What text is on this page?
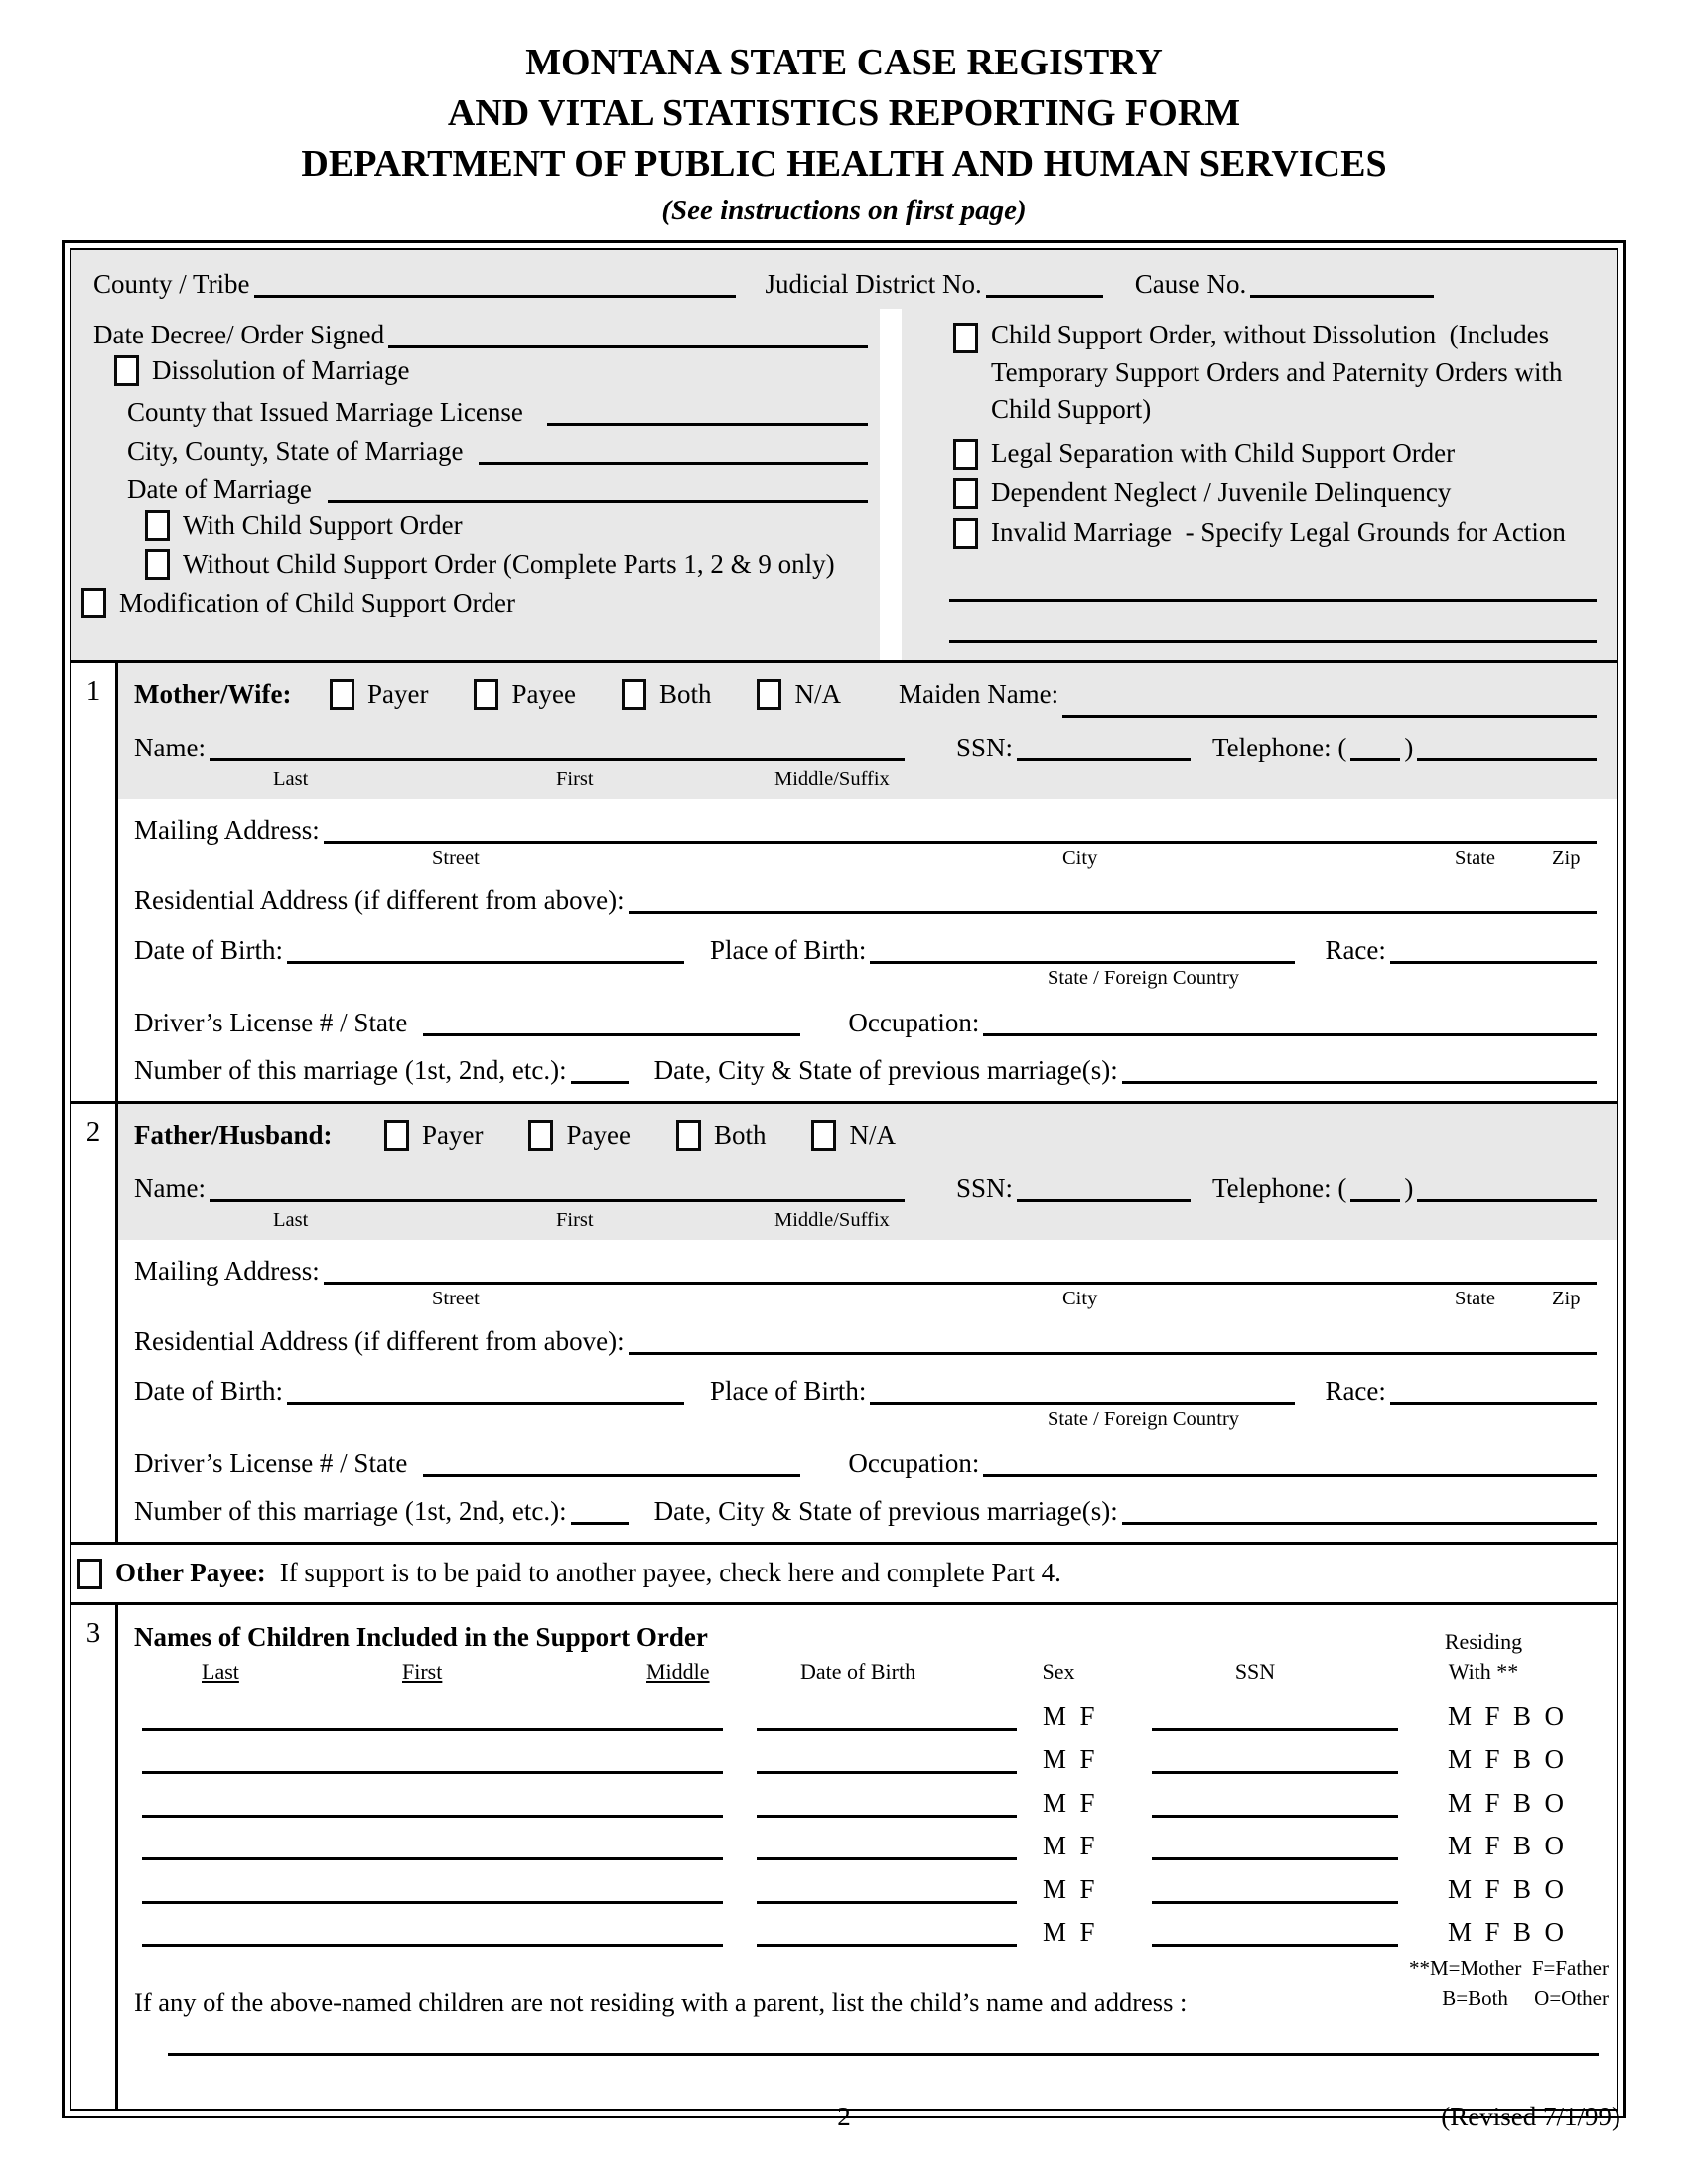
MONTANA STATE CASE REGISTRY
AND VITAL STATISTICS REPORTING FORM
DEPARTMENT OF PUBLIC HEALTH AND HUMAN SERVICES
(See instructions on first page)
County / Tribe	Judicial District No.	Cause No.
Date Decree/ Order Signed
Dissolution of Marriage
County that Issued Marriage License
City, County, State of Marriage
Date of Marriage
With Child Support Order
Without Child Support Order (Complete Parts 1, 2 & 9 only)
Modification of Child Support Order
Child Support Order, without Dissolution  (Includes Temporary Support Orders and Paternity Orders with Child Support)
Legal Separation with Child Support Order
Dependent Neglect / Juvenile Delinquency
Invalid Marriage  - Specify Legal Grounds for Action
1	Mother/Wife:	Payer	Payee	Both	N/A Maiden Name:
Name:	SSN:	Telephone: ( )
Last	First	Middle/Suffix
Mailing Address:
Street	City	State	Zip
Residential Address (if different from above):
Date of Birth:	Place of Birth:	Race:
State / Foreign Country
Driver’s License # / State	Occupation:
Number of this marriage (1st, 2nd, etc.):	Date, City & State of previous marriage(s):
2	Father/Husband:	Payer	Payee	Both	N/A
Name:	SSN:	Telephone: ( )
Last	First	Middle/Suffix
Mailing Address:
Street	City	State	Zip
Residential Address (if different from above):
Date of Birth:	Place of Birth:	Race:
State / Foreign Country
Driver’s License # / State	Occupation:
Number of this marriage (1st, 2nd, etc.):	Date, City & State of previous marriage(s):
Other Payee: If support is to be paid to another payee, check here and complete Part 4.
3	Names of Children Included in the Support Order	Residing
Last	First	Middle	Date of Birth	Sex	SSN	With **
M  F	M  F  B  O
M  F	M  F  B  O
M  F	M  F  B  O
M  F	M  F  B  O
M  F	M  F  B  O
M  F	M  F  B  O
**M=Mother  F=Father
If any of the above-named children are not residing with a parent, list the child’s name and address :	B=Both     O=Other
2	(Revised 7/1/99)
